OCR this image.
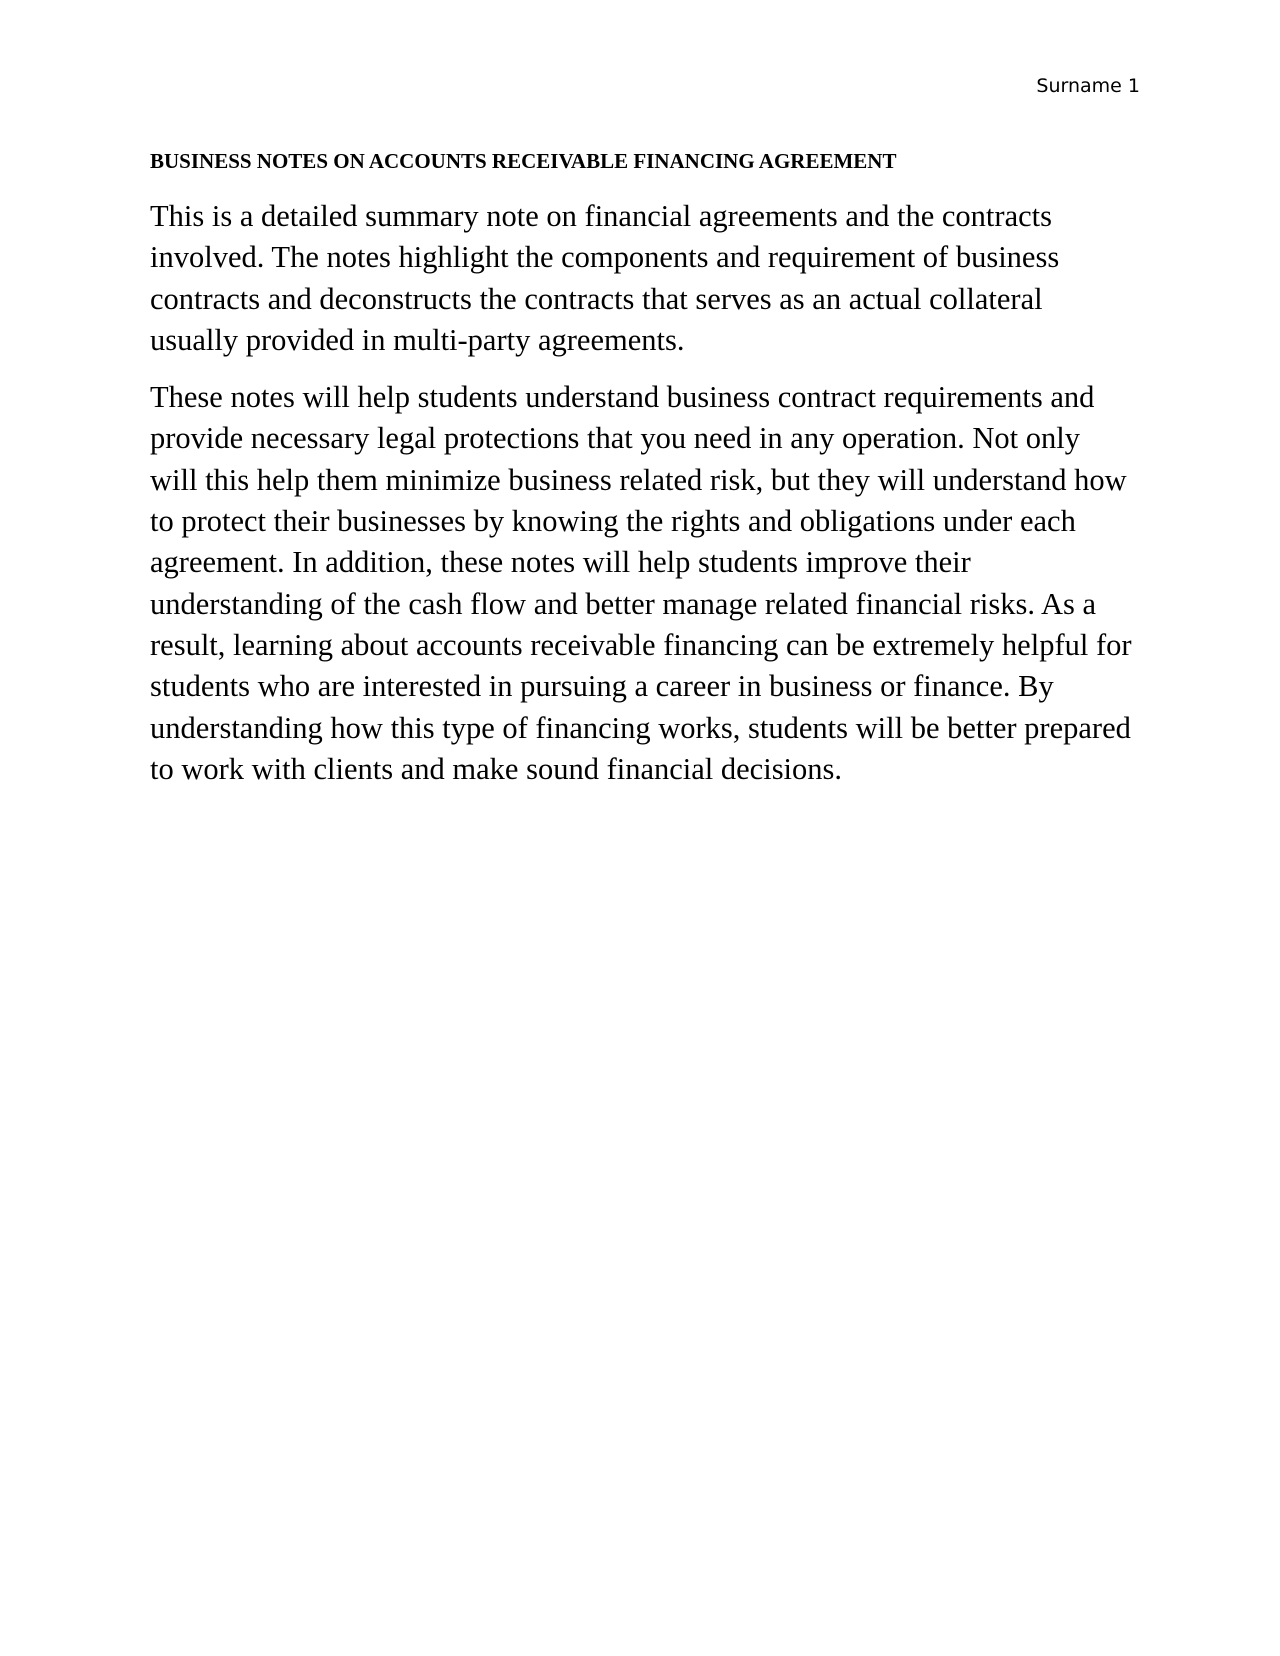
Surname 1
BUSINESS NOTES ON ACCOUNTS RECEIVABLE FINANCING AGREEMENT

This is a detailed summary note on financial agreements and the contracts involved. The notes highlight the components and requirement of business contracts and deconstructs the contracts that serves as an actual collateral usually provided in multi-party agreements.

These notes will help students understand business contract requirements and provide necessary legal protections that you need in any operation. Not only will this help them minimize business related risk, but they will understand how to protect their businesses by knowing the rights and obligations under each agreement. In addition, these notes will help students improve their understanding of the cash flow and better manage related financial risks. As a result, learning about accounts receivable financing can be extremely helpful for students who are interested in pursuing a career in business or finance. By understanding how this type of financing works, students will be better prepared to work with clients and make sound financial decisions.
